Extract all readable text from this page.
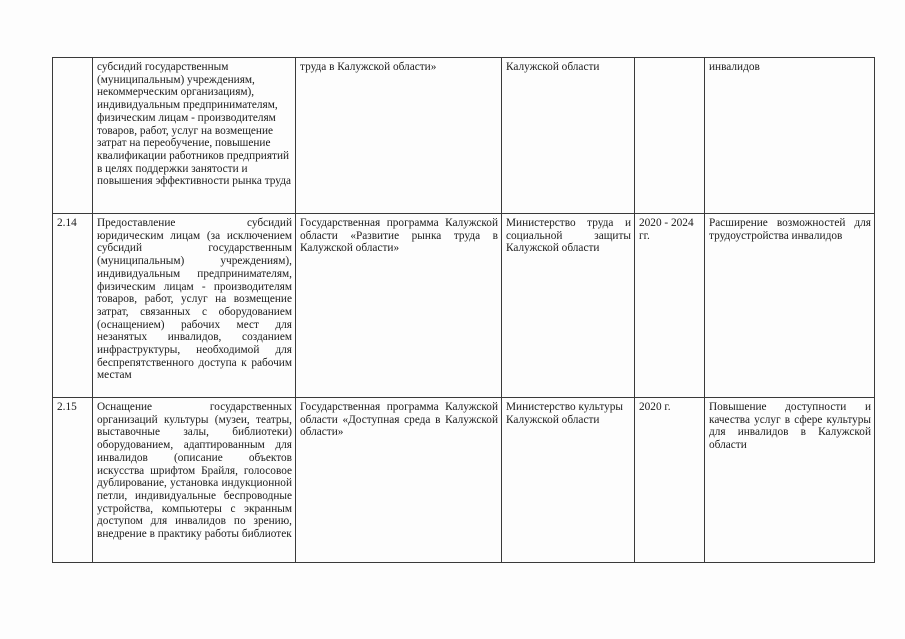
	субсидий государственным (муниципальным) учреждениям, некоммерческим организациям), индивидуальным предпринимателям, физическим лицам - производителям товаров, работ, услуг на возмещение затрат на переобучение, повышение квалификации работников предприятий в целях поддержки занятости и повышения эффективности рынка труда	труда в Калужской области»	Калужской области		инвалидов
2.14	Предоставление субсидий юридическим лицам (за исключением субсидий государственным (муниципальным) учреждениям), индивидуальным предпринимателям, физическим лицам - производителям товаров, работ, услуг на возмещение затрат, связанных с оборудованием (оснащением) рабочих мест для незанятых инвалидов, созданием инфраструктуры, необходимой для беспрепятственного доступа к рабочим местам	Государственная программа Калужской области «Развитие рынка труда в Калужской области»	Министерство труда и социальной защиты Калужской области	2020 - 2024 гг.	Расширение возможностей для трудоустройства инвалидов
2.15	Оснащение государственных организаций культуры (музеи, театры, выставочные залы, библиотеки) оборудованием, адаптированным для инвалидов (описание объектов искусства шрифтом Брайля, голосовое дублирование, установка индукционной петли, индивидуальные беспроводные устройства, компьютеры с экранным доступом для инвалидов по зрению, внедрение в практику работы библиотек	Государственная программа Калужской области «Доступная среда в Калужской области»	Министерство культуры Калужской области	2020 г.	Повышение доступности и качества услуг в сфере культуры для инвалидов в Калужской области
